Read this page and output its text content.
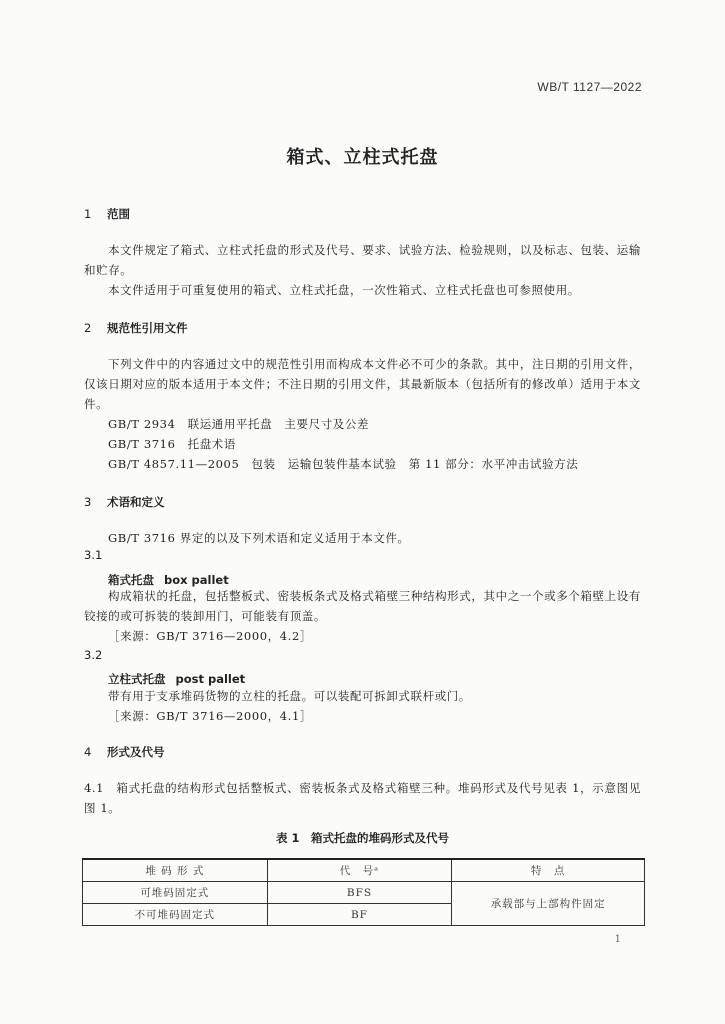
WB/T 1127—2022
箱式、立柱式托盘
1 范围
本文件规定了箱式、立柱式托盘的形式及代号、要求、试验方法、检验规则，以及标志、包装、运输和贮存。
本文件适用于可重复使用的箱式、立柱式托盘，一次性箱式、立柱式托盘也可参照使用。
2 规范性引用文件
下列文件中的内容通过文中的规范性引用而构成本文件必不可少的条款。其中，注日期的引用文件，仅该日期对应的版本适用于本文件；不注日期的引用文件，其最新版本（包括所有的修改单）适用于本文件。
GB/T 2934　联运通用平托盘　主要尺寸及公差
GB/T 3716　托盘术语
GB/T 4857.11—2005　包装　运输包装件基本试验　第 11 部分：水平冲击试验方法
3 术语和定义
GB/T 3716 界定的以及下列术语和定义适用于本文件。
3.1
箱式托盘 box pallet
构成箱状的托盘，包括整板式、密装板条式及格式箱壁三种结构形式，其中之一个或多个箱壁上设有铰接的或可拆装的装卸用门，可能装有顶盖。
［来源：GB/T 3716—2000，4.2］
3.2
立柱式托盘 post pallet
带有用于支承堆码货物的立柱的托盘。可以装配可拆卸式联杆或门。
［来源：GB/T 3716—2000，4.1］
4 形式及代号
4.1　 箱式托盘的结构形式包括整板式、密装板条式及格式箱壁三种。堆码形式及代号见表 1，示意图见图 1。
表 1　箱式托盘的堆码形式及代号
堆 码 形 式	代　号ᵃ	特　点
可堆码固定式	BFS	承载部与上部构件固定
不可堆码固定式	BF	
1
